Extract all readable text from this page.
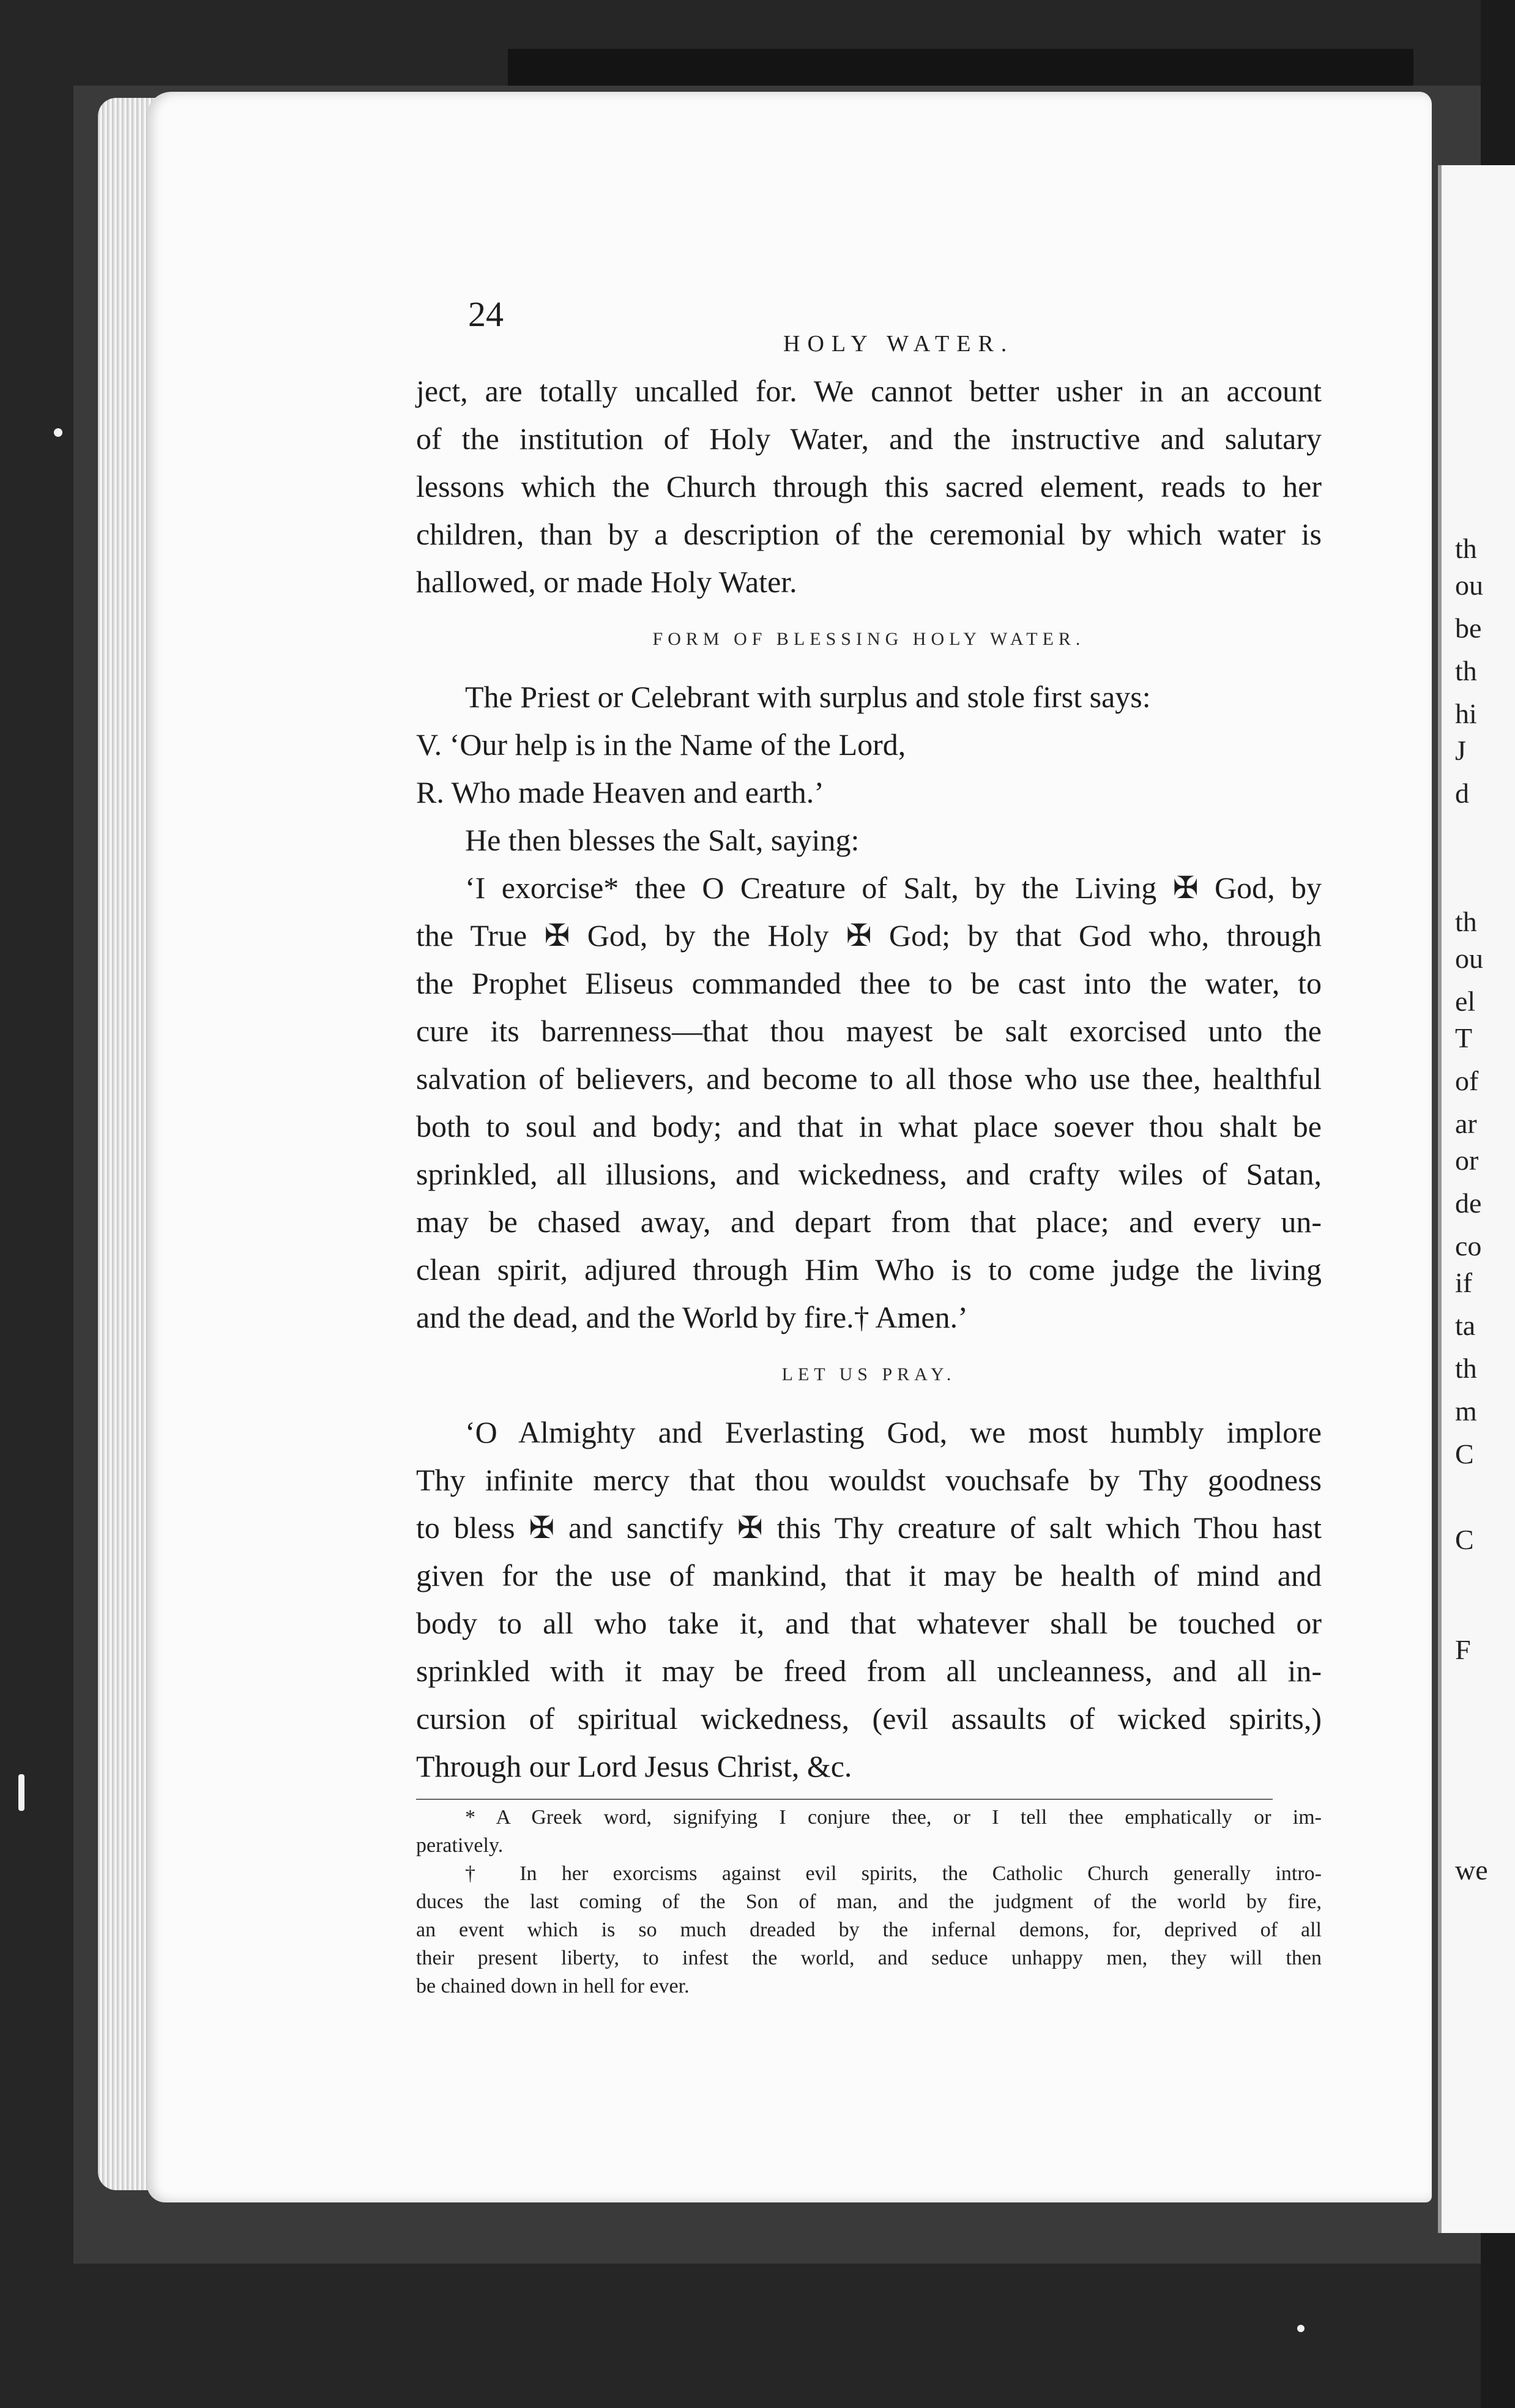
th
ou
be
th
hi
J
d
th
ou
el
T
of
ar
or
de
co
if
ta
th
m
C
C
F
we
24
HOLY WATER.
ject, are totally uncalled for. We cannot better usher in an account
of the institution of Holy Water, and the instructive and salutary
lessons which the Church through this sacred element, reads to her
children, than by a description of the ceremonial by which water is
hallowed, or made Holy Water.
FORM OF BLESSING HOLY WATER.
The Priest or Celebrant with surplus and stole first says:
V. ‘Our help is in the Name of the Lord,
R. Who made Heaven and earth.’
He then blesses the Salt, saying:
‘I exorcise* thee O Creature of Salt, by the Living ✠ God, by
the True ✠ God, by the Holy ✠ God; by that God who, through
the Prophet Eliseus commanded thee to be cast into the water, to
cure its barrenness—that thou mayest be salt exorcised unto the
salvation of believers, and become to all those who use thee, healthful
both to soul and body; and that in what place soever thou shalt be
sprinkled, all illusions, and wickedness, and crafty wiles of Satan,
may be chased away, and depart from that place; and every un-
clean spirit, adjured through Him Who is to come judge the living
and the dead, and the World by fire.† Amen.’
LET US PRAY.
‘O Almighty and Everlasting God, we most humbly implore
Thy infinite mercy that thou wouldst vouchsafe by Thy goodness
to bless ✠ and sanctify ✠ this Thy creature of salt which Thou hast
given for the use of mankind, that it may be health of mind and
body to all who take it, and that whatever shall be touched or
sprinkled with it may be freed from all uncleanness, and all in-
cursion of spiritual wickedness, (evil assaults of wicked spirits,)
Through our Lord Jesus Christ, &c.
* A Greek word, signifying I conjure thee, or I tell thee emphatically or im-
peratively.
† In her exorcisms against evil spirits, the Catholic Church generally intro-
duces the last coming of the Son of man, and the judgment of the world by fire,
an event which is so much dreaded by the infernal demons, for, deprived of all
their present liberty, to infest the world, and seduce unhappy men, they will then
be chained down in hell for ever.
